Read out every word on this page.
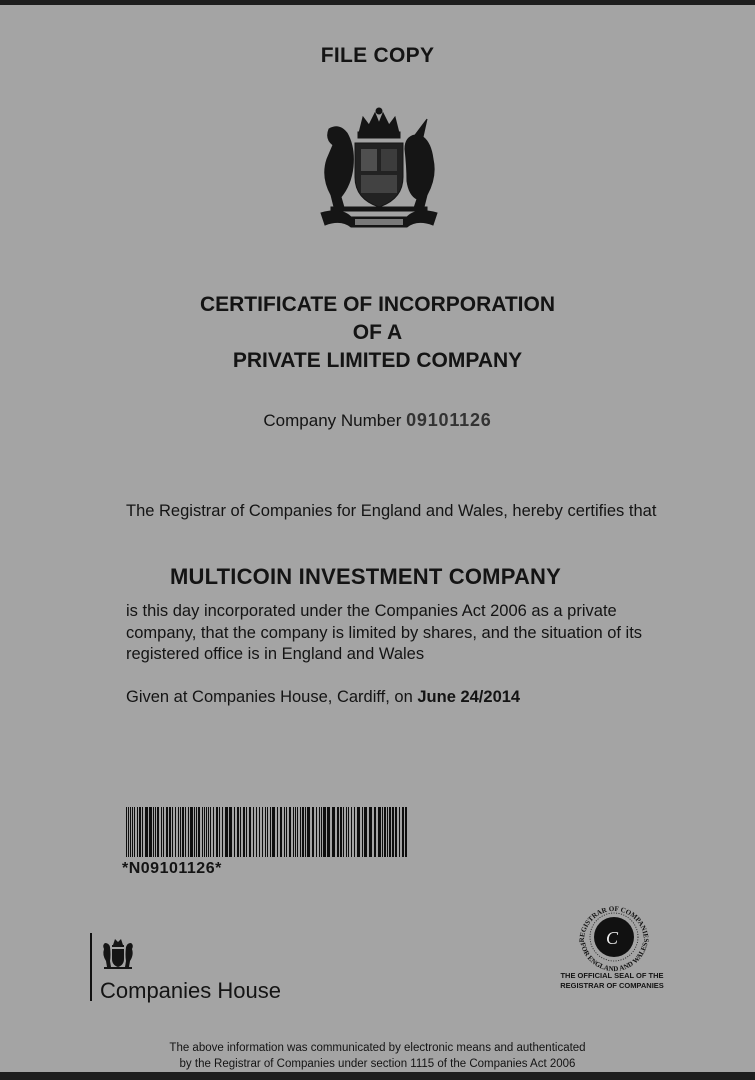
FILE COPY
CERTIFICATE OF INCORPORATION
OF A
PRIVATE LIMITED COMPANY
Company Number 09101126
The Registrar of Companies for England and Wales, hereby certifies that
MULTICOIN INVESTMENT COMPANY
is this day incorporated under the Companies Act 2006 as a private company, that the company is limited by shares, and the situation of its registered office is in England and Wales
Given at Companies House, Cardiff, on June 24/2014
*N09101126*
Companies House
C
REGISTRAR OF COMPANIES
FOR ENGLAND AND WALES
THE OFFICIAL SEAL OF THE
REGISTRAR OF COMPANIES
The above information was communicated by electronic means and authenticated
by the Registrar of Companies under section 1115 of the Companies Act 2006
